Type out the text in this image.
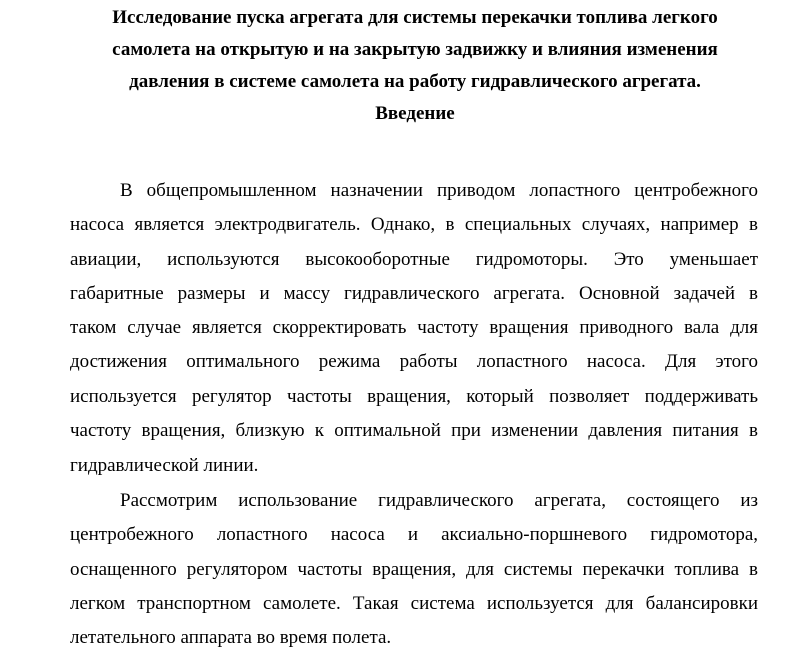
Исследование пуска агрегата для системы перекачки топлива легкого
самолета на открытую и на закрытую задвижку и влияния изменения
давления в системе самолета на работу гидравлического агрегата.
Введение
В общепромышленном назначении приводом лопастного центробежного
насоса является электродвигатель. Однако, в специальных случаях, например в
авиации, используются высокооборотные гидромоторы. Это уменьшает
габаритные размеры и массу гидравлического агрегата. Основной задачей в
таком случае является скорректировать частоту вращения приводного вала для
достижения оптимального режима работы лопастного насоса. Для этого
используется регулятор частоты вращения, который позволяет поддерживать
частоту вращения, близкую к оптимальной при изменении давления питания в
гидравлической линии.
Рассмотрим использование гидравлического агрегата, состоящего из
центробежного лопастного насоса и аксиально-поршневого гидромотора,
оснащенного регулятором частоты вращения, для системы перекачки топлива в
легком транспортном самолете. Такая система используется для балансировки
летательного аппарата во время полета.
